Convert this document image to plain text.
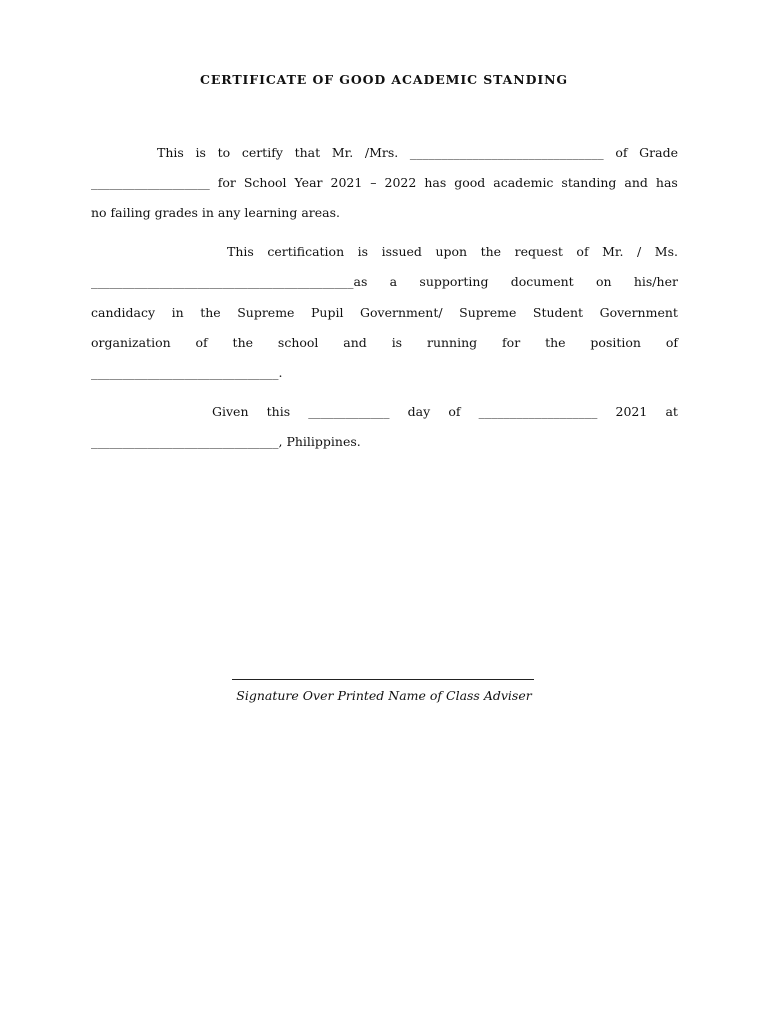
CERTIFICATE OF GOOD ACADEMIC STANDING
This is to certify that Mr. /Mrs. _______________________________ of Grade
___________________ for School Year 2021 – 2022 has good academic standing and has
no failing grades in any learning areas.
This certification is issued upon the request of Mr. / Ms.
__________________________________________as a supporting document on his/her
candidacy in the Supreme Pupil Government/ Supreme Student Government
organization of the school and is running for the position of
______________________________.
Given this _____________ day of ___________________ 2021 at
______________________________, Philippines.
Signature Over Printed Name of Class Adviser
